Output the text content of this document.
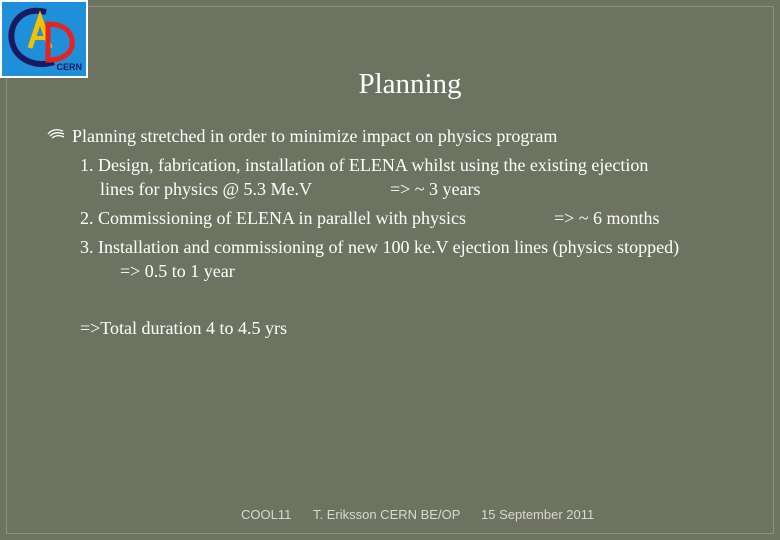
CERN
Planning
Planning stretched in order to minimize impact on physics program
1. Design, fabrication, installation of ELENA whilst using the existing ejection
lines for physics @ 5.3 Me.V	=> ~ 3 years
2. Commissioning of ELENA in parallel with physics	=> ~ 6 months
3. Installation and commissioning of new 100 ke.V ejection lines (physics stopped)
=> 0.5 to 1 year
=>Total duration 4 to 4.5 yrs
COOL11 T. Eriksson CERN BE/OP 15 September 2011
